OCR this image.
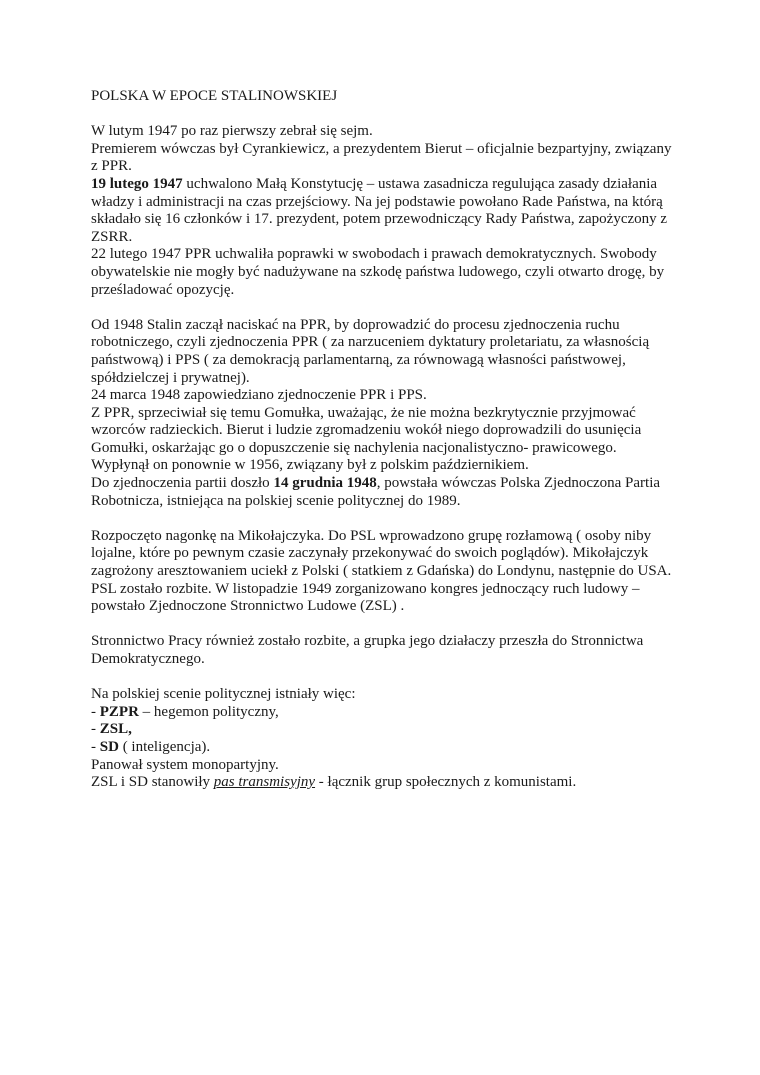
POLSKA W EPOCE STALINOWSKIEJ

W lutym 1947 po raz pierwszy zebrał się sejm.

Premierem wówczas był Cyrankiewicz, a prezydentem Bierut – oficjalnie bezpartyjny, związany z PPR.

19 lutego 1947 uchwalono Małą Konstytucję – ustawa zasadnicza regulująca zasady działania władzy i administracji na czas przejściowy. Na jej podstawie powołano Rade Państwa, na którą składało się 16 członków i 17. prezydent, potem przewodniczący Rady Państwa, zapożyczony z ZSRR.

22 lutego 1947 PPR uchwaliła poprawki w swobodach i prawach demokratycznych. Swobody obywatelskie nie mogły być nadużywane na szkodę państwa ludowego, czyli otwarto drogę, by prześladować opozycję.

Od 1948 Stalin zaczął naciskać na PPR, by doprowadzić do procesu zjednoczenia ruchu robotniczego, czyli zjednoczenia PPR ( za narzuceniem dyktatury proletariatu, za własnością państwową) i PPS ( za demokracją parlamentarną, za równowagą własności państwowej, spółdzielczej i prywatnej).

24 marca 1948 zapowiedziano zjednoczenie PPR i PPS.

Z PPR, sprzeciwiał się temu Gomułka, uważając, że nie można bezkrytycznie przyjmować wzorców radzieckich. Bierut i ludzie zgromadzeniu wokół niego doprowadzili do usunięcia Gomułki, oskarżając go o dopuszczenie się nachylenia nacjonalistyczno- prawicowego.

Wypłynął on ponownie w 1956, związany był z polskim październikiem.

Do zjednoczenia partii doszło 14 grudnia 1948, powstała wówczas Polska Zjednoczona Partia Robotnicza, istniejąca na polskiej scenie politycznej do 1989.

Rozpoczęto nagonkę na Mikołajczyka. Do PSL wprowadzono grupę rozłamową ( osoby niby lojalne, które po pewnym czasie zaczynały przekonywać do swoich poglądów). Mikołajczyk zagrożony aresztowaniem uciekł z Polski ( statkiem z Gdańska) do Londynu, następnie do USA. PSL zostało rozbite. W listopadzie 1949 zorganizowano kongres jednoczący ruch ludowy – powstało Zjednoczone Stronnictwo Ludowe (ZSL) .

Stronnictwo Pracy również zostało rozbite, a grupka jego działaczy przeszła do Stronnictwa Demokratycznego.

Na polskiej scenie politycznej istniały więc:

- PZPR – hegemon polityczny,

- ZSL,

- SD ( inteligencja).

Panował system monopartyjny.

ZSL i SD stanowiły pas transmisyjny - łącznik grup społecznych z komunistami.
